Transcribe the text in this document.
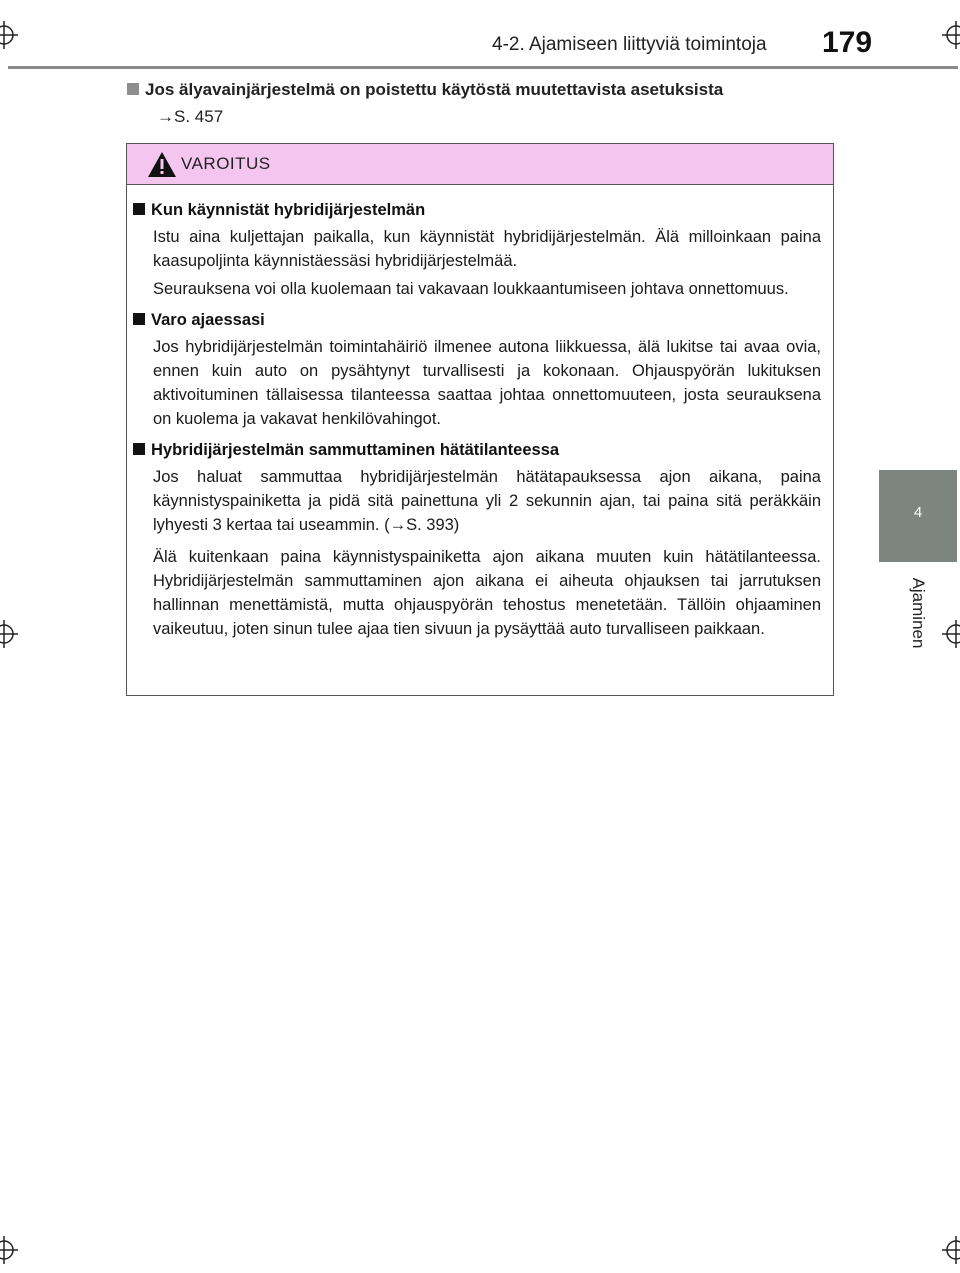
4-2. Ajamiseen liittyviä toimintoja 179
4
Ajaminen
Jos älyavainjärjestelmä on poistettu käytöstä muutettavista asetuksista
→S. 457
VAROITUS
Kun käynnistät hybridijärjestelmän

Istu aina kuljettajan paikalla, kun käynnistät hybridijärjestelmän. Älä milloinkaan paina kaasupoljinta käynnistäessäsi hybridijärjestelmää.

Seurauksena voi olla kuolemaan tai vakavaan loukkaantumiseen johtava onnettomuus.

Varo ajaessasi

Jos hybridijärjestelmän toimintahäiriö ilmenee autona liikkuessa, älä lukitse tai avaa ovia, ennen kuin auto on pysähtynyt turvallisesti ja kokonaan. Ohjauspyörän lukituksen aktivoituminen tällaisessa tilanteessa saattaa johtaa onnettomuuteen, josta seurauksena on kuolema ja vakavat henkilövahingot.

Hybridijärjestelmän sammuttaminen hätätilanteessa

Jos haluat sammuttaa hybridijärjestelmän hätätapauksessa ajon aikana, paina käynnistyspainiketta ja pidä sitä painettuna yli 2 sekunnin ajan, tai paina sitä peräkkäin lyhyesti 3 kertaa tai useammin. (→S. 393)

Älä kuitenkaan paina käynnistyspainiketta ajon aikana muuten kuin hätätilanteessa. Hybridijärjestelmän sammuttaminen ajon aikana ei aiheuta ohjauksen tai jarrutuksen hallinnan menettämistä, mutta ohjauspyörän tehostus menetetään. Tällöin ohjaaminen vaikeutuu, joten sinun tulee ajaa tien sivuun ja pysäyttää auto turvalliseen paikkaan.
